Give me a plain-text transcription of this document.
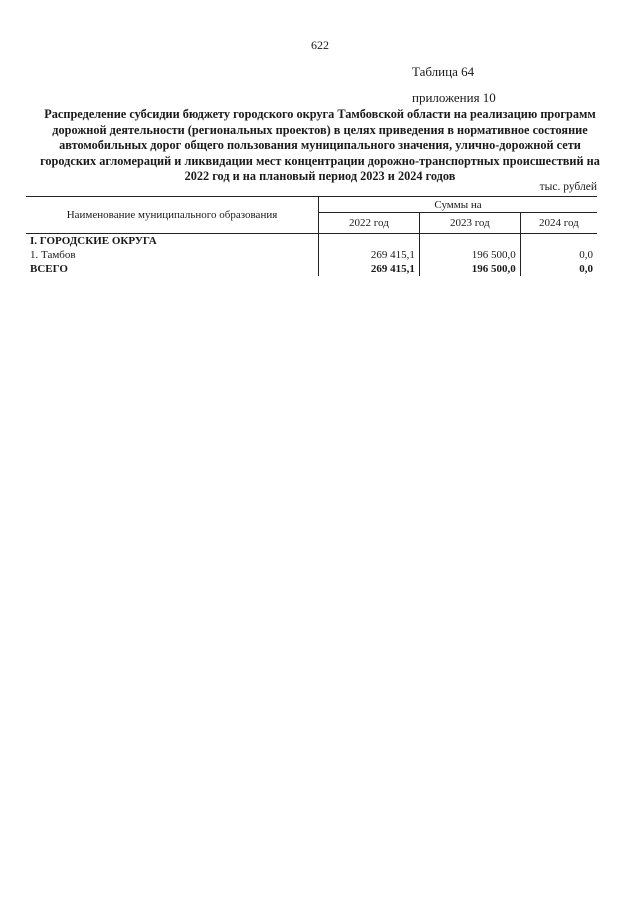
622
Таблица 64
приложения 10
Распределение субсидии бюджету городского округа Тамбовской области на реализацию программ дорожной деятельности (региональных проектов) в целях приведения в нормативное состояние автомобильных дорог общего пользования муниципального значения, улично-дорожной сети городских агломераций и ликвидации мест концентрации дорожно-транспортных происшествий на 2022 год и на плановый период 2023 и 2024 годов
тыс. рублей
Наименование муниципального образования	Суммы на		
	2022 год	2023 год	2024 год
I. ГОРОДСКИЕ ОКРУГА			
1. Тамбов	269 415,1	196 500,0	0,0
ВСЕГО	269 415,1	196 500,0	0,0
